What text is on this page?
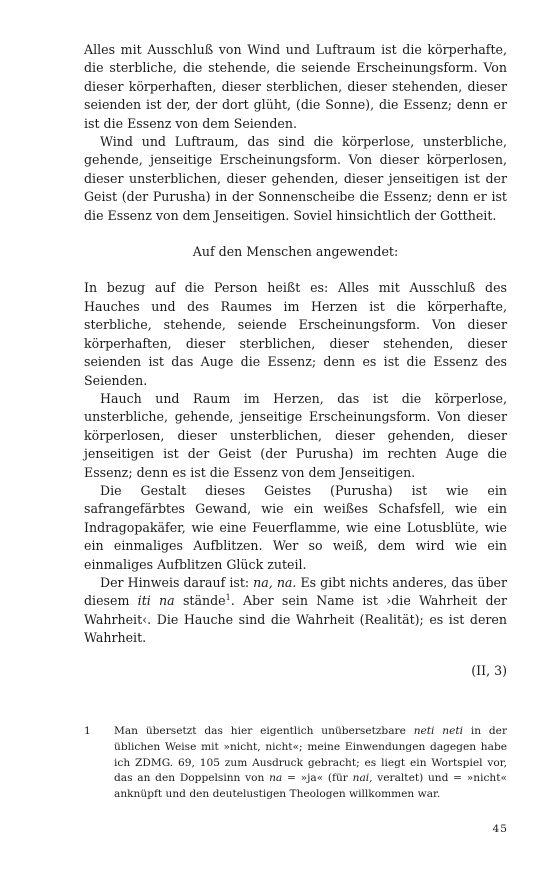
Alles mit Ausschluß von Wind und Luftraum ist die körperhafte, die sterbliche, die stehende, die seiende Erscheinungsform. Von dieser körperhaften, dieser sterblichen, dieser stehenden, dieser seienden ist der, der dort glüht, (die Sonne), die Essenz; denn er ist die Essenz von dem Seienden.

Wind und Luftraum, das sind die körperlose, unsterbliche, gehende, jenseitige Erscheinungsform. Von dieser körperlosen, dieser unsterblichen, dieser gehenden, dieser jenseitigen ist der Geist (der Purusha) in der Sonnenscheibe die Essenz; denn er ist die Essenz von dem Jenseitigen. Soviel hinsichtlich der Gottheit.

Auf den Menschen angewendet:

In bezug auf die Person heißt es: Alles mit Ausschluß des Hauches und des Raumes im Herzen ist die körperhafte, sterbliche, stehende, seiende Erscheinungsform. Von dieser körperhaften, dieser sterblichen, dieser stehenden, dieser seienden ist das Auge die Essenz; denn es ist die Essenz des Seienden.

Hauch und Raum im Herzen, das ist die körperlose, unsterbliche, gehende, jenseitige Erscheinungsform. Von dieser körperlosen, dieser unsterblichen, dieser gehenden, dieser jenseitigen ist der Geist (der Purusha) im rechten Auge die Essenz; denn es ist die Essenz von dem Jenseitigen.

Die Gestalt dieses Geistes (Purusha) ist wie ein safrangefärbtes Gewand, wie ein weißes Schafsfell, wie ein Indragopakäfer, wie eine Feuerflamme, wie eine Lotusblüte, wie ein einmaliges Aufblitzen. Wer so weiß, dem wird wie ein einmaliges Aufblitzen Glück zuteil.

Der Hinweis darauf ist: na, na. Es gibt nichts anderes, das über diesem iti na stände$^1$. Aber sein Name ist ›die Wahrheit der Wahrheit‹. Die Hauche sind die Wahrheit (Realität); es ist deren Wahrheit.

(II, 3)
1	Man übersetzt das hier eigentlich unübersetzbare neti neti in der üblichen Weise mit »nicht, nicht«; meine Einwendungen dagegen habe ich ZDMG. 69, 105 zum Ausdruck gebracht; es liegt ein Wortspiel vor, das an den Doppelsinn von na = »ja« (für nai, veraltet) und = »nicht« anknüpft und den deutelustigen Theologen willkommen war.
45
